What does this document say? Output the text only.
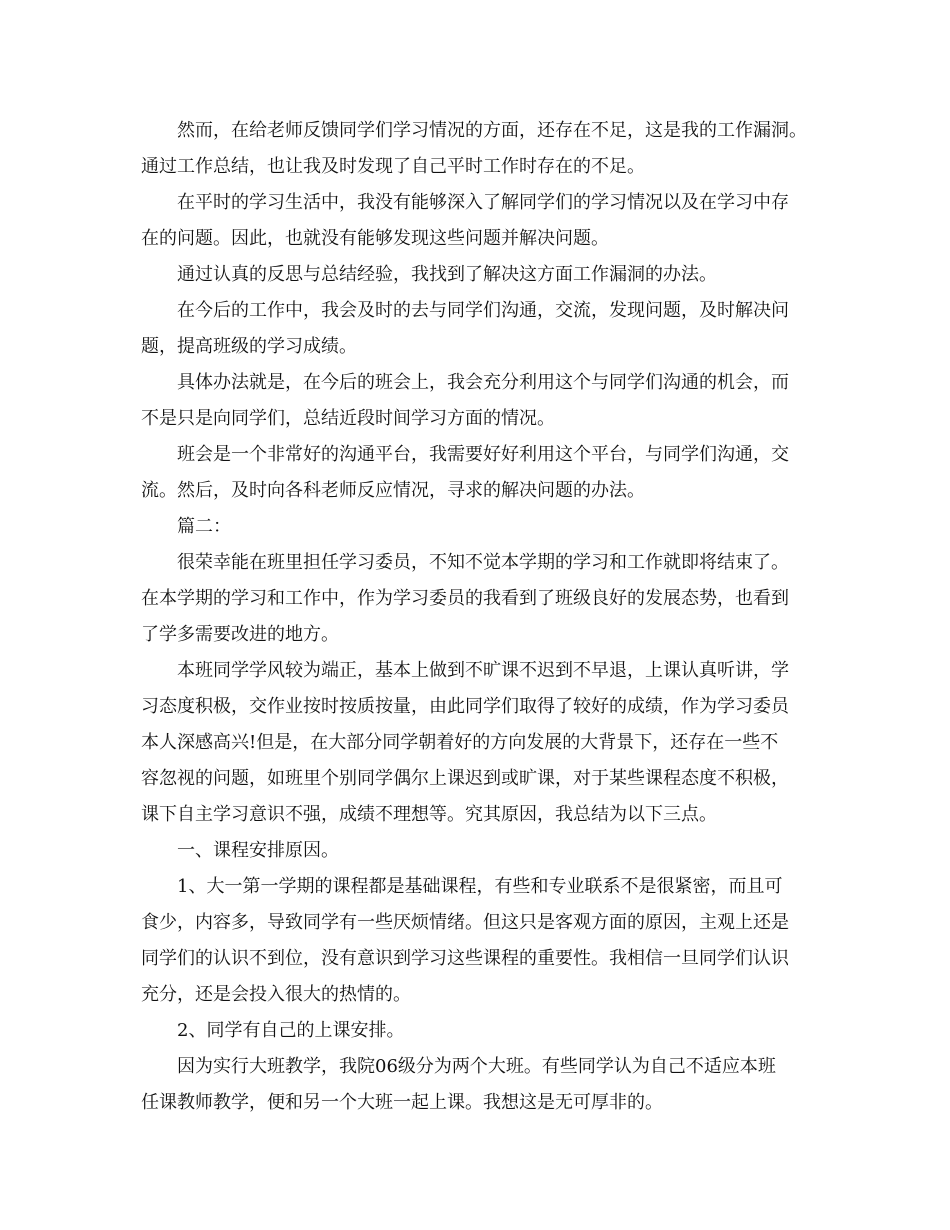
然而，在给老师反馈同学们学习情况的方面，还存在不足，这是我的工作漏洞。
通过工作总结，也让我及时发现了自己平时工作时存在的不足。
在平时的学习生活中，我没有能够深入了解同学们的学习情况以及在学习中存
在的问题。因此，也就没有能够发现这些问题并解决问题。
通过认真的反思与总结经验，我找到了解决这方面工作漏洞的办法。
在今后的工作中，我会及时的去与同学们沟通，交流，发现问题，及时解决问
题，提高班级的学习成绩。
具体办法就是，在今后的班会上，我会充分利用这个与同学们沟通的机会，而
不是只是向同学们，总结近段时间学习方面的情况。
班会是一个非常好的沟通平台，我需要好好利用这个平台，与同学们沟通，交
流。然后，及时向各科老师反应情况，寻求的解决问题的办法。
篇二：
很荣幸能在班里担任学习委员，不知不觉本学期的学习和工作就即将结束了。
在本学期的学习和工作中，作为学习委员的我看到了班级良好的发展态势，也看到
了学多需要改进的地方。
本班同学学风较为端正，基本上做到不旷课不迟到不早退，上课认真听讲，学
习态度积极，交作业按时按质按量，由此同学们取得了较好的成绩，作为学习委员
本人深感高兴!但是，在大部分同学朝着好的方向发展的大背景下，还存在一些不
容忽视的问题，如班里个别同学偶尔上课迟到或旷课，对于某些课程态度不积极，
课下自主学习意识不强，成绩不理想等。究其原因，我总结为以下三点。
一、课程安排原因。
1、大一第一学期的课程都是基础课程，有些和专业联系不是很紧密，而且可
食少，内容多，导致同学有一些厌烦情绪。但这只是客观方面的原因，主观上还是
同学们的认识不到位，没有意识到学习这些课程的重要性。我相信一旦同学们认识
充分，还是会投入很大的热情的。
2、同学有自己的上课安排。
因为实行大班教学，我院06级分为两个大班。有些同学认为自己不适应本班
任课教师教学，便和另一个大班一起上课。我想这是无可厚非的。
